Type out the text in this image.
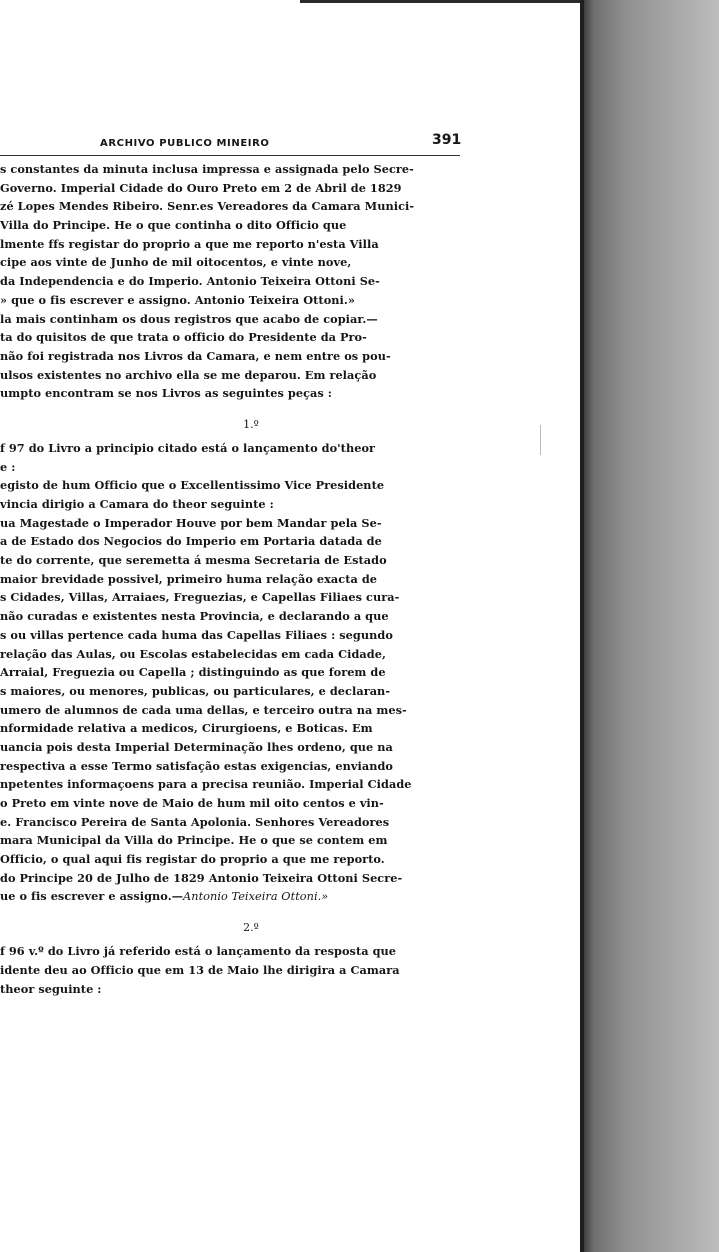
ARCHIVO PUBLICO MINEIRO	391
s constantes da minuta inclusa impressa e assignada pelo Secre-
Governo. Imperial Cidade do Ouro Preto em 2 de Abril de 1829
zé Lopes Mendes Ribeiro. Senr.es Vereadores da Camara Munici-
Villa do Principe. He o que continha o dito Officio que
lmente ffs registar do proprio a que me reporto n'esta Villa
cipe aos vinte de Junho de mil oitocentos, e vinte nove,
da Independencia e do Imperio. Antonio Teixeira Ottoni Se-
» que o fis escrever e assigno. Antonio Teixeira Ottoni.»
la mais continham os dous registros que acabo de copiar.—
ta do quisitos de que trata o officio do Presidente da Pro-
não foi registrada nos Livros da Camara, e nem entre os pou-
ulsos existentes no archivo ella se me deparou. Em relação
umpto encontram se nos Livros as seguintes peças :
1.º
f 97 do Livro a principio citado está o lançamento do'theor
e :
egisto de hum Officio que o Excellentissimo Vice Presidente
vincia dirigio a Camara do theor seguinte :
ua Magestade o Imperador Houve por bem Mandar pela Se-
a de Estado dos Negocios do Imperio em Portaria datada de
te do corrente, que seremetta á mesma Secretaria de Estado
maior brevidade possivel, primeiro huma relação exacta de
s Cidades, Villas, Arraiaes, Freguezias, e Capellas Filiaes cura-
não curadas e existentes nesta Provincia, e declarando a que
s ou villas pertence cada huma das Capellas Filiaes : segundo
relação das Aulas, ou Escolas estabelecidas em cada Cidade,
Arraial, Freguezia ou Capella ; distinguindo as que forem de
s maiores, ou menores, publicas, ou particulares, e declaran-
umero de alumnos de cada uma dellas, e terceiro outra na mes-
nformidade relativa a medicos, Cirurgioens, e Boticas. Em
uancia pois desta Imperial Determinação lhes ordeno, que na
respectiva a esse Termo satisfação estas exigencias, enviando
npetentes informaçoens para a precisa reunião. Imperial Cidade
o Preto em vinte nove de Maio de hum mil oito centos e vin-
e. Francisco Pereira de Santa Apolonia. Senhores Vereadores
mara Municipal da Villa do Principe. He o que se contem em
Officio, o qual aqui fis registar do proprio a que me reporto.
do Principe 20 de Julho de 1829 Antonio Teixeira Ottoni Secre-
ue o fis escrever e assigno.—Antonio Teixeira Ottoni.»
2.º
f 96 v.º do Livro já referido está o lançamento da resposta que
idente deu ao Officio que em 13 de Maio lhe dirigira a Camara
theor seguinte :
